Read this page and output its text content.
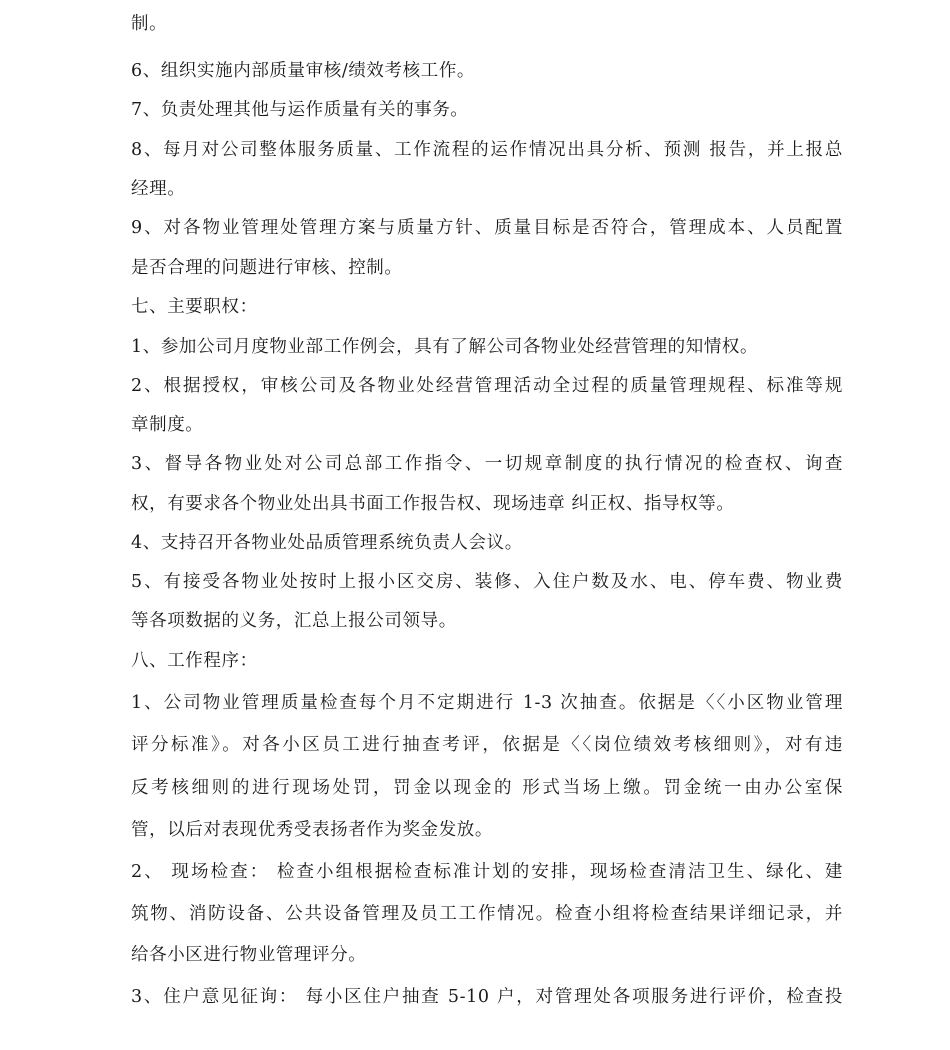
制。
6、组织实施内部质量审核/绩效考核工作。
7、负责处理其他与运作质量有关的事务。
8、每月对公司整体服务质量、工作流程的运作情况出具分析、预测 报告，并上报总
经理。
9、对各物业管理处管理方案与质量方针、质量目标是否符合，管理成本、人员配置
是否合理的问题进行审核、控制。
七、主要职权：
1、参加公司月度物业部工作例会，具有了解公司各物业处经营管理的知情权。
2、根据授权，审核公司及各物业处经营管理活动全过程的质量管理规程、标准等规
章制度。
3、督导各物业处对公司总部工作指令、一切规章制度的执行情况的检查权、询查
权，有要求各个物业处出具书面工作报告权、现场违章 纠正权、指导权等。
4、支持召开各物业处品质管理系统负责人会议。
5、有接受各物业处按时上报小区交房、装修、入住户数及水、电、停车费、物业费
等各项数据的义务，汇总上报公司领导。
八、工作程序：
1、公司物业管理质量检查每个月不定期进行 1-3 次抽查。依据是〈〈小区物业管理
评分标准》。对各小区员工进行抽查考评，依据是〈〈岗位绩效考核细则》，对有违
反考核细则的进行现场处罚，罚金以现金的 形式当场上缴。罚金统一由办公室保
管，以后对表现优秀受表扬者作为奖金发放。
2、 现场检查： 检查小组根据检查标准计划的安排，现场检查清洁卫生、绿化、建
筑物、消防设备、公共设备管理及员工工作情况。检查小组将检查结果详细记录，并
给各小区进行物业管理评分。
3、住户意见征询： 每小区住户抽查 5-10 户，对管理处各项服务进行评价，检查投
